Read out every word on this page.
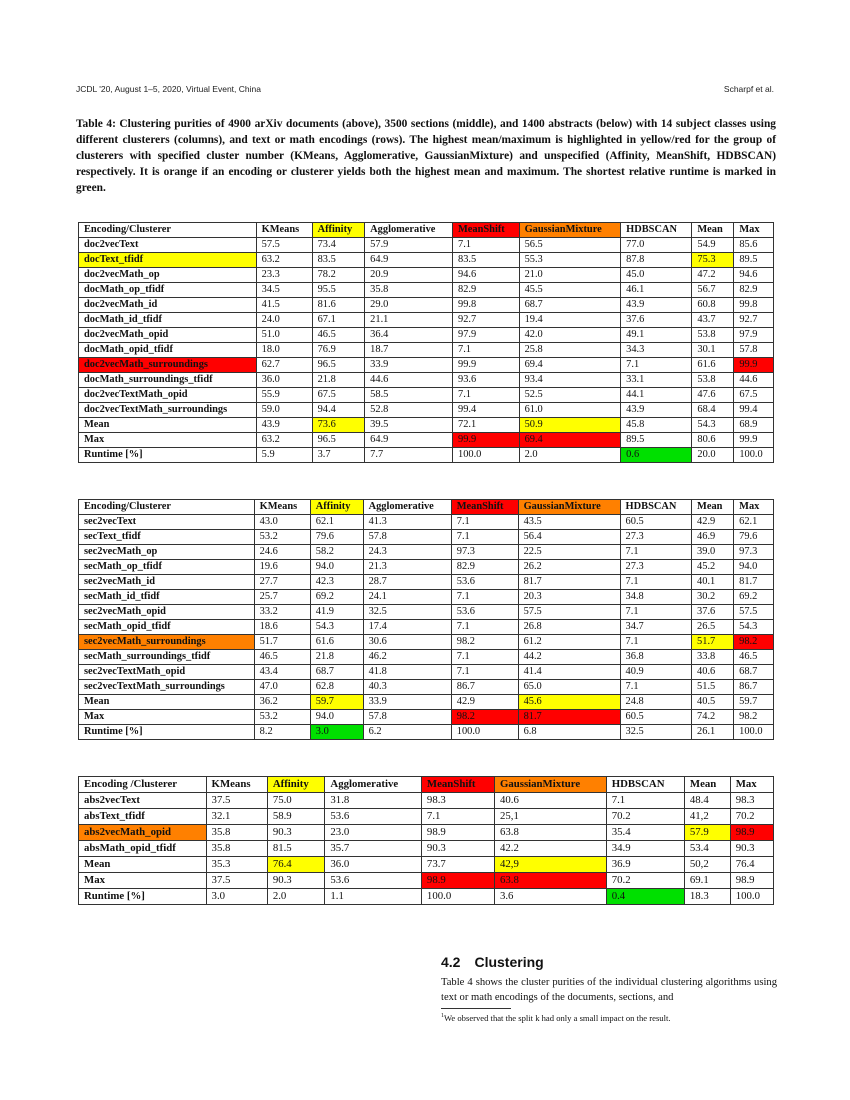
JCDL '20, August 1–5, 2020, Virtual Event, China	Scharpf et al.
Table 4: Clustering purities of 4900 arXiv documents (above), 3500 sections (middle), and 1400 abstracts (below) with 14 subject classes using different clusterers (columns), and text or math encodings (rows). The highest mean/maximum is highlighted in yellow/red for the group of clusterers with specified cluster number (KMeans, Agglomerative, GaussianMixture) and unspecified (Affinity, MeanShift, HDBSCAN) respectively. It is orange if an encoding or clusterer yields both the highest mean and maximum. The shortest relative runtime is marked in green.
Encoding/Clusterer	KMeans	Affinity	Agglomerative	MeanShift	GaussianMixture	HDBSCAN	Mean	Max
doc2vecText	57.5	73.4	57.9	7.1	56.5	77.0	54.9	85.6
docText_tfidf	63.2	83.5	64.9	83.5	55.3	87.8	75.3	89.5
doc2vecMath_op	23.3	78.2	20.9	94.6	21.0	45.0	47.2	94.6
docMath_op_tfidf	34.5	95.5	35.8	82.9	45.5	46.1	56.7	82.9
doc2vecMath_id	41.5	81.6	29.0	99.8	68.7	43.9	60.8	99.8
docMath_id_tfidf	24.0	67.1	21.1	92.7	19.4	37.6	43.7	92.7
doc2vecMath_opid	51.0	46.5	36.4	97.9	42.0	49.1	53.8	97.9
docMath_opid_tfidf	18.0	76.9	18.7	7.1	25.8	34.3	30.1	57.8
doc2vecMath_surroundings	62.7	96.5	33.9	99.9	69.4	7.1	61.6	99.9
docMath_surroundings_tfidf	36.0	21.8	44.6	93.6	93.4	33.1	53.8	44.6
doc2vecTextMath_opid	55.9	67.5	58.5	7.1	52.5	44.1	47.6	67.5
doc2vecTextMath_surroundings	59.0	94.4	52.8	99.4	61.0	43.9	68.4	99.4
Mean	43.9	73.6	39.5	72.1	50.9	45.8	54.3	68.9
Max	63.2	96.5	64.9	99.9	69.4	89.5	80.6	99.9
Runtime [%]	5.9	3.7	7.7	100.0	2.0	0.6	20.0	100.0
Encoding/Clusterer	KMeans	Affinity	Agglomerative	MeanShift	GaussianMixture	HDBSCAN	Mean	Max
sec2vecText	43.0	62.1	41.3	7.1	43.5	60.5	42.9	62.1
secText_tfidf	53.2	79.6	57.8	7.1	56.4	27.3	46.9	79.6
sec2vecMath_op	24.6	58.2	24.3	97.3	22.5	7.1	39.0	97.3
secMath_op_tfidf	19.6	94.0	21.3	82.9	26.2	27.3	45.2	94.0
sec2vecMath_id	27.7	42.3	28.7	53.6	81.7	7.1	40.1	81.7
secMath_id_tfidf	25.7	69.2	24.1	7.1	20.3	34.8	30.2	69.2
sec2vecMath_opid	33.2	41.9	32.5	53.6	57.5	7.1	37.6	57.5
secMath_opid_tfidf	18.6	54.3	17.4	7.1	26.8	34.7	26.5	54.3
sec2vecMath_surroundings	51.7	61.6	30.6	98.2	61.2	7.1	51.7	98.2
secMath_surroundings_tfidf	46.5	21.8	46.2	7.1	44.2	36.8	33.8	46.5
sec2vecTextMath_opid	43.4	68.7	41.8	7.1	41.4	40.9	40.6	68.7
sec2vecTextMath_surroundings	47.0	62.8	40.3	86.7	65.0	7.1	51.5	86.7
Mean	36.2	59.7	33.9	42.9	45.6	24.8	40.5	59.7
Max	53.2	94.0	57.8	98.2	81.7	60.5	74.2	98.2
Runtime [%]	8.2	3.0	6.2	100.0	6.8	32.5	26.1	100.0
Encoding /Clusterer	KMeans	Affinity	Agglomerative	MeanShift	GaussianMixture	HDBSCAN	Mean	Max
abs2vecText	37.5	75.0	31.8	98.3	40.6	7.1	48.4	98.3
absText_tfidf	32.1	58.9	53.6	7.1	25,1	70.2	41,2	70.2
abs2vecMath_opid	35.8	90.3	23.0	98.9	63.8	35.4	57.9	98.9
absMath_opid_tfidf	35.8	81.5	35.7	90.3	42.2	34.9	53.4	90.3
Mean	35.3	76.4	36.0	73.7	42,9	36.9	50,2	76.4
Max	37.5	90.3	53.6	98.9	63.8	70.2	69.1	98.9
Runtime [%]	3.0	2.0	1.1	100.0	3.6	0.4	18.3	100.0
4.2 Clustering
Table 4 shows the cluster purities of the individual clustering algorithms using text or math encodings of the documents, sections, and
$^1$We observed that the split k had only a small impact on the result.
